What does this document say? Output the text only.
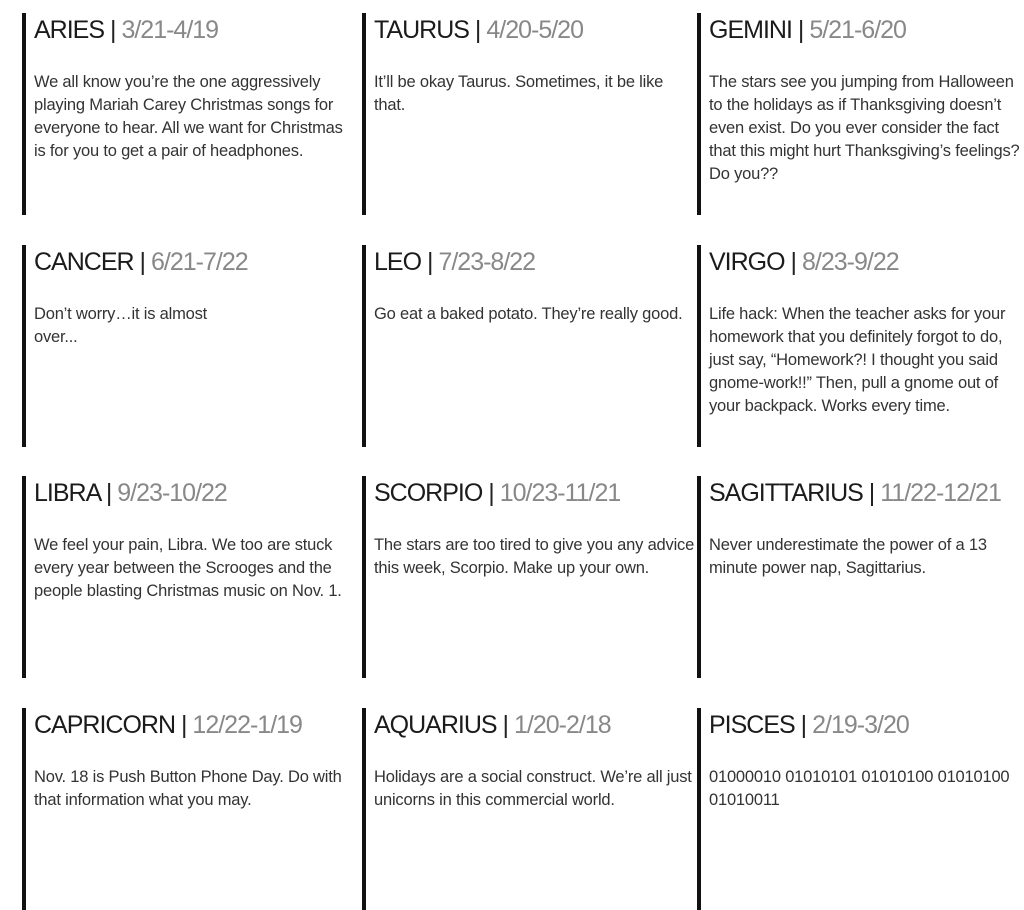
ARIES | 3/21-4/19
We all know you’re the one aggressively playing Mariah Carey Christmas songs for everyone to hear. All we want for Christmas is for you to get a pair of headphones.
TAURUS | 4/20-5/20
It’ll be okay Taurus. Sometimes, it be like that.
GEMINI | 5/21-6/20
The stars see you jumping from Halloween to the holidays as if Thanksgiving doesn’t even exist. Do you ever consider the fact that this might hurt Thanksgiving’s feelings? Do you??
CANCER | 6/21-7/22
Don’t worry…it is almost over...
LEO | 7/23-8/22
Go eat a baked potato. They’re really good.
VIRGO | 8/23-9/22
Life hack: When the teacher asks for your homework that you definitely forgot to do, just say, “Homework?! I thought you said gnome-work!!” Then, pull a gnome out of your backpack. Works every time.
LIBRA | 9/23-10/22
We feel your pain, Libra. We too are stuck every year between the Scrooges and the people blasting Christmas music on Nov. 1.
SCORPIO | 10/23-11/21
The stars are too tired to give you any advice this week, Scorpio. Make up your own.
SAGITTARIUS | 11/22-12/21
Never underestimate the power of a 13 minute power nap, Sagittarius.
CAPRICORN | 12/22-1/19
Nov. 18 is Push Button Phone Day. Do with that information what you may.
AQUARIUS | 1/20-2/18
Holidays are a social construct. We’re all just unicorns in this commercial world.
PISCES | 2/19-3/20
01000010 01010101 01010100 01010100 01010011
